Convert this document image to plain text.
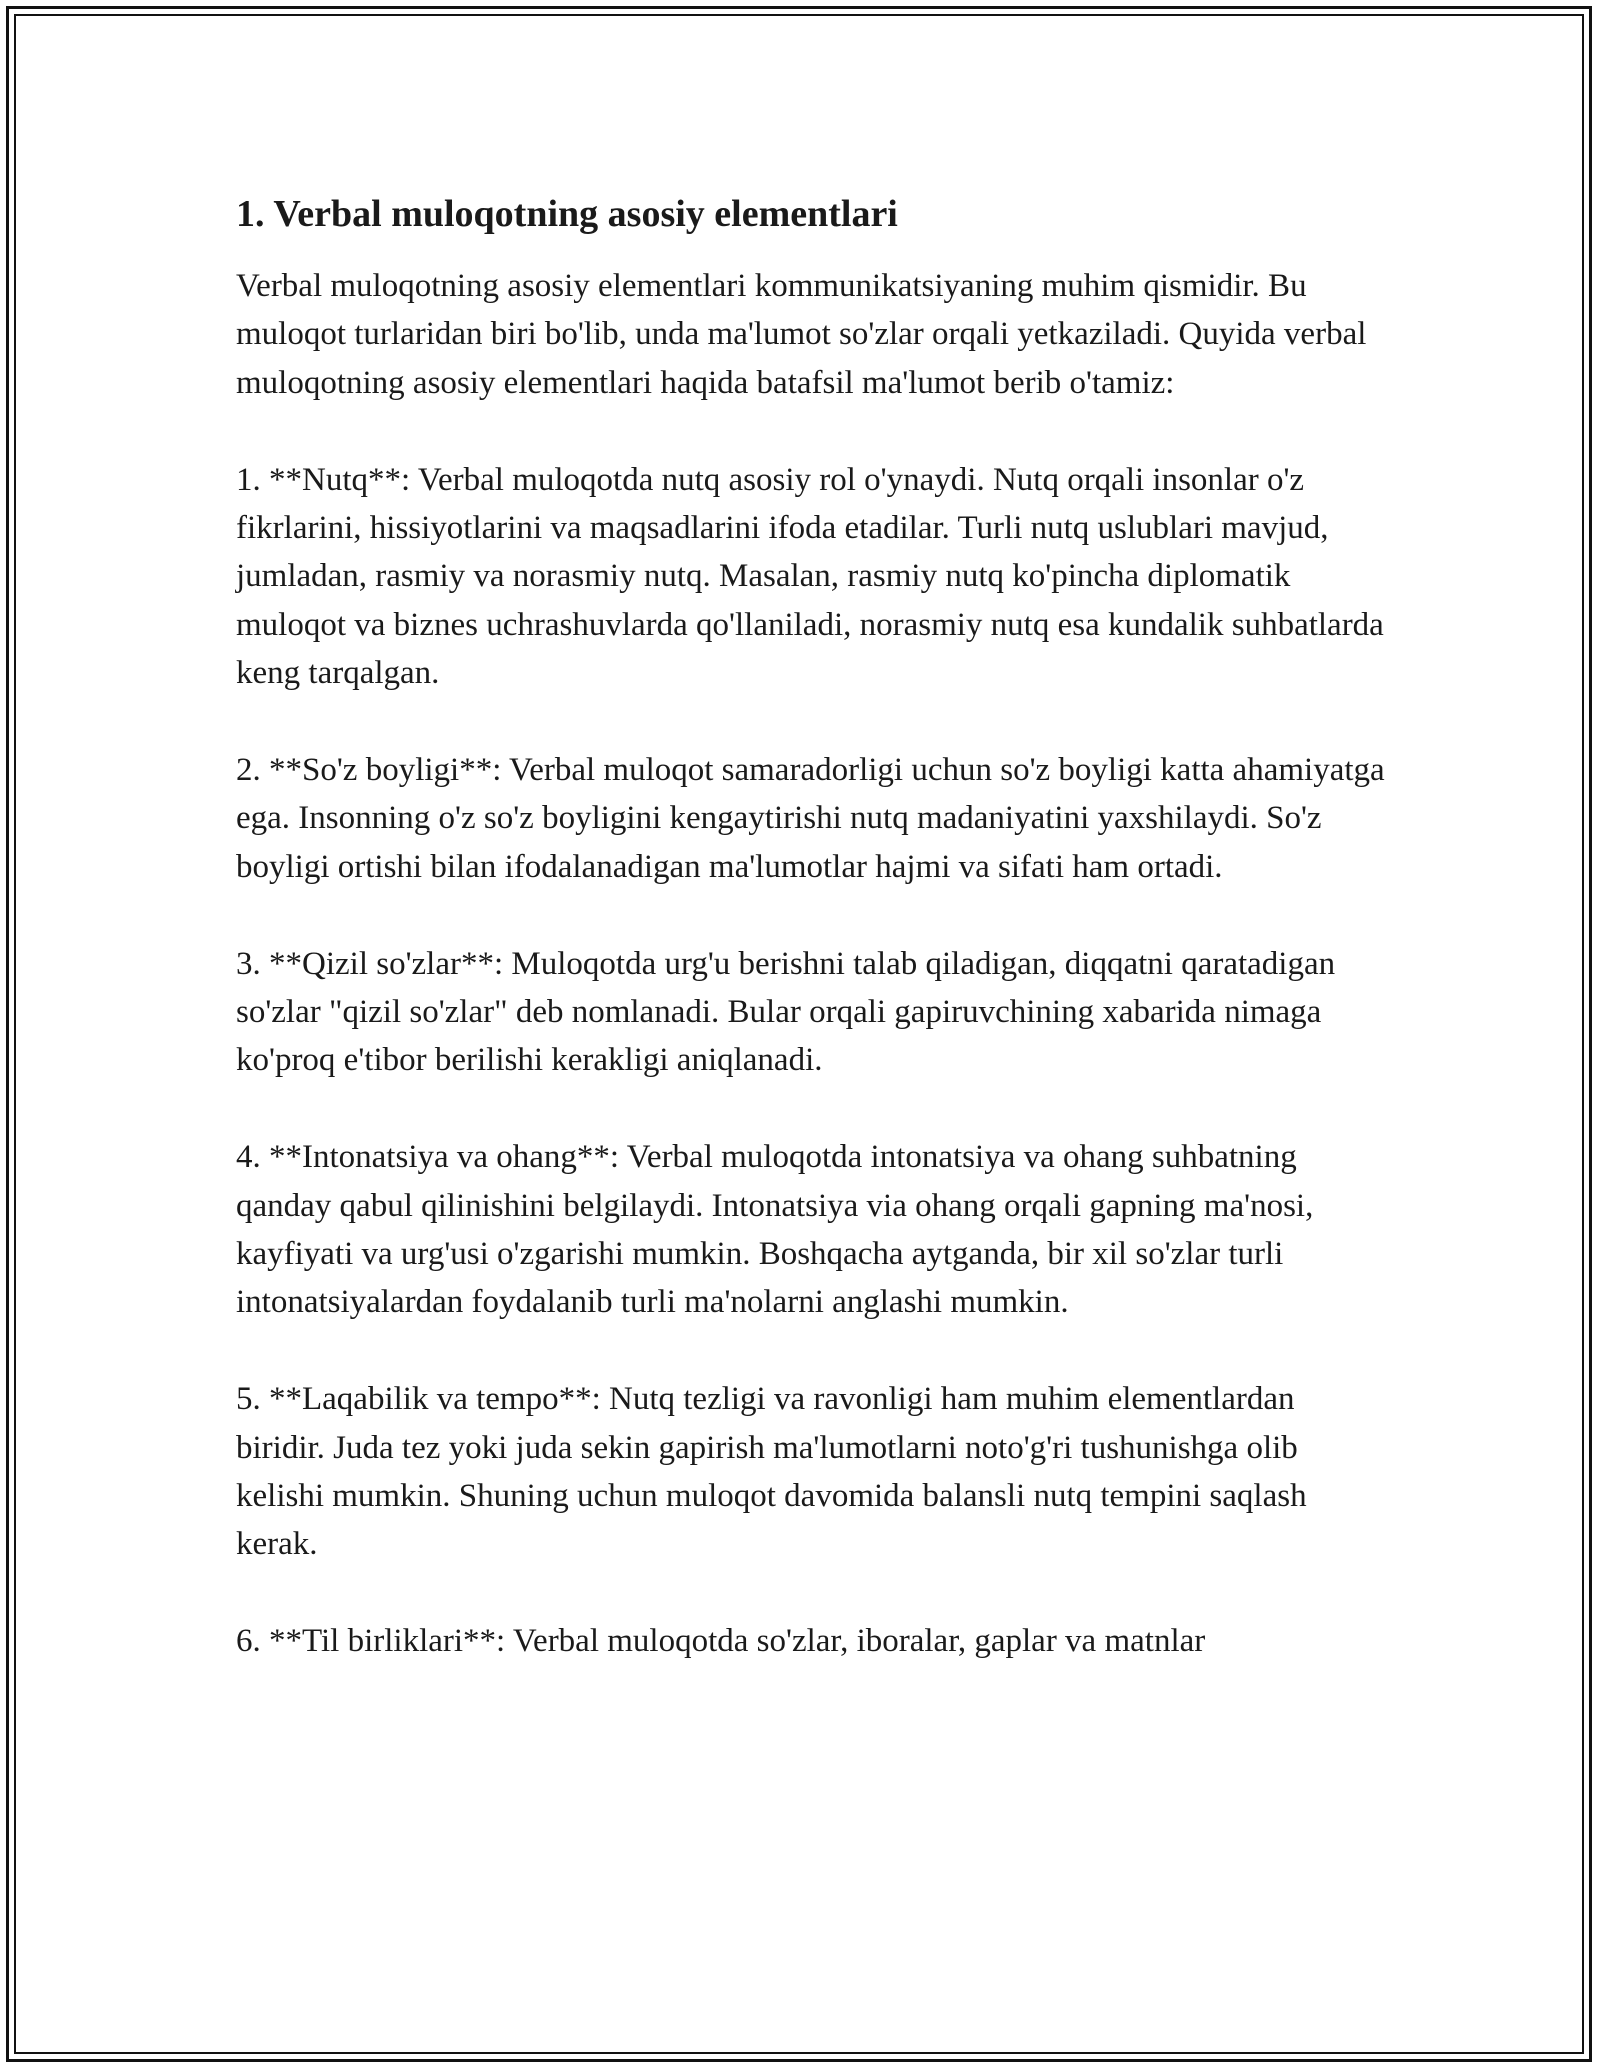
1. Verbal muloqotning asosiy elementlari

Verbal muloqotning asosiy elementlari kommunikatsiyaning muhim qismidir. Bu muloqot turlaridan biri bo'lib, unda ma'lumot so'zlar orqali yetkaziladi. Quyida verbal muloqotning asosiy elementlari haqida batafsil ma'lumot berib o'tamiz:

1. **Nutq**: Verbal muloqotda nutq asosiy rol o'ynaydi. Nutq orqali insonlar o'z fikrlarini, hissiyotlarini va maqsadlarini ifoda etadilar. Turli nutq uslublari mavjud, jumladan, rasmiy va norasmiy nutq. Masalan, rasmiy nutq ko'pincha diplomatik muloqot va biznes uchrashuvlarda qo'llaniladi, norasmiy nutq esa kundalik suhbatlarda keng tarqalgan.

2. **So'z boyligi**: Verbal muloqot samaradorligi uchun so'z boyligi katta ahamiyatga ega. Insonning o'z so'z boyligini kengaytirishi nutq madaniyatini yaxshilaydi. So'z boyligi ortishi bilan ifodalanadigan ma'lumotlar hajmi va sifati ham ortadi.

3. **Qizil so'zlar**: Muloqotda urg'u berishni talab qiladigan, diqqatni qaratadigan so'zlar "qizil so'zlar" deb nomlanadi. Bular orqali gapiruvchining xabarida nimaga ko'proq e'tibor berilishi kerakligi aniqlanadi.

4. **Intonatsiya va ohang**: Verbal muloqotda intonatsiya va ohang suhbatning qanday qabul qilinishini belgilaydi. Intonatsiya via ohang orqali gapning ma'nosi, kayfiyati va urg'usi o'zgarishi mumkin. Boshqacha aytganda, bir xil so'zlar turli intonatsiyalardan foydalanib turli ma'nolarni anglashi mumkin.

5. **Laqabilik va tempo**: Nutq tezligi va ravonligi ham muhim elementlardan biridir. Juda tez yoki juda sekin gapirish ma'lumotlarni noto'g'ri tushunishga olib kelishi mumkin. Shuning uchun muloqot davomida balansli nutq tempini saqlash kerak.

6. **Til birliklari**: Verbal muloqotda so'zlar, iboralar, gaplar va matnlar
